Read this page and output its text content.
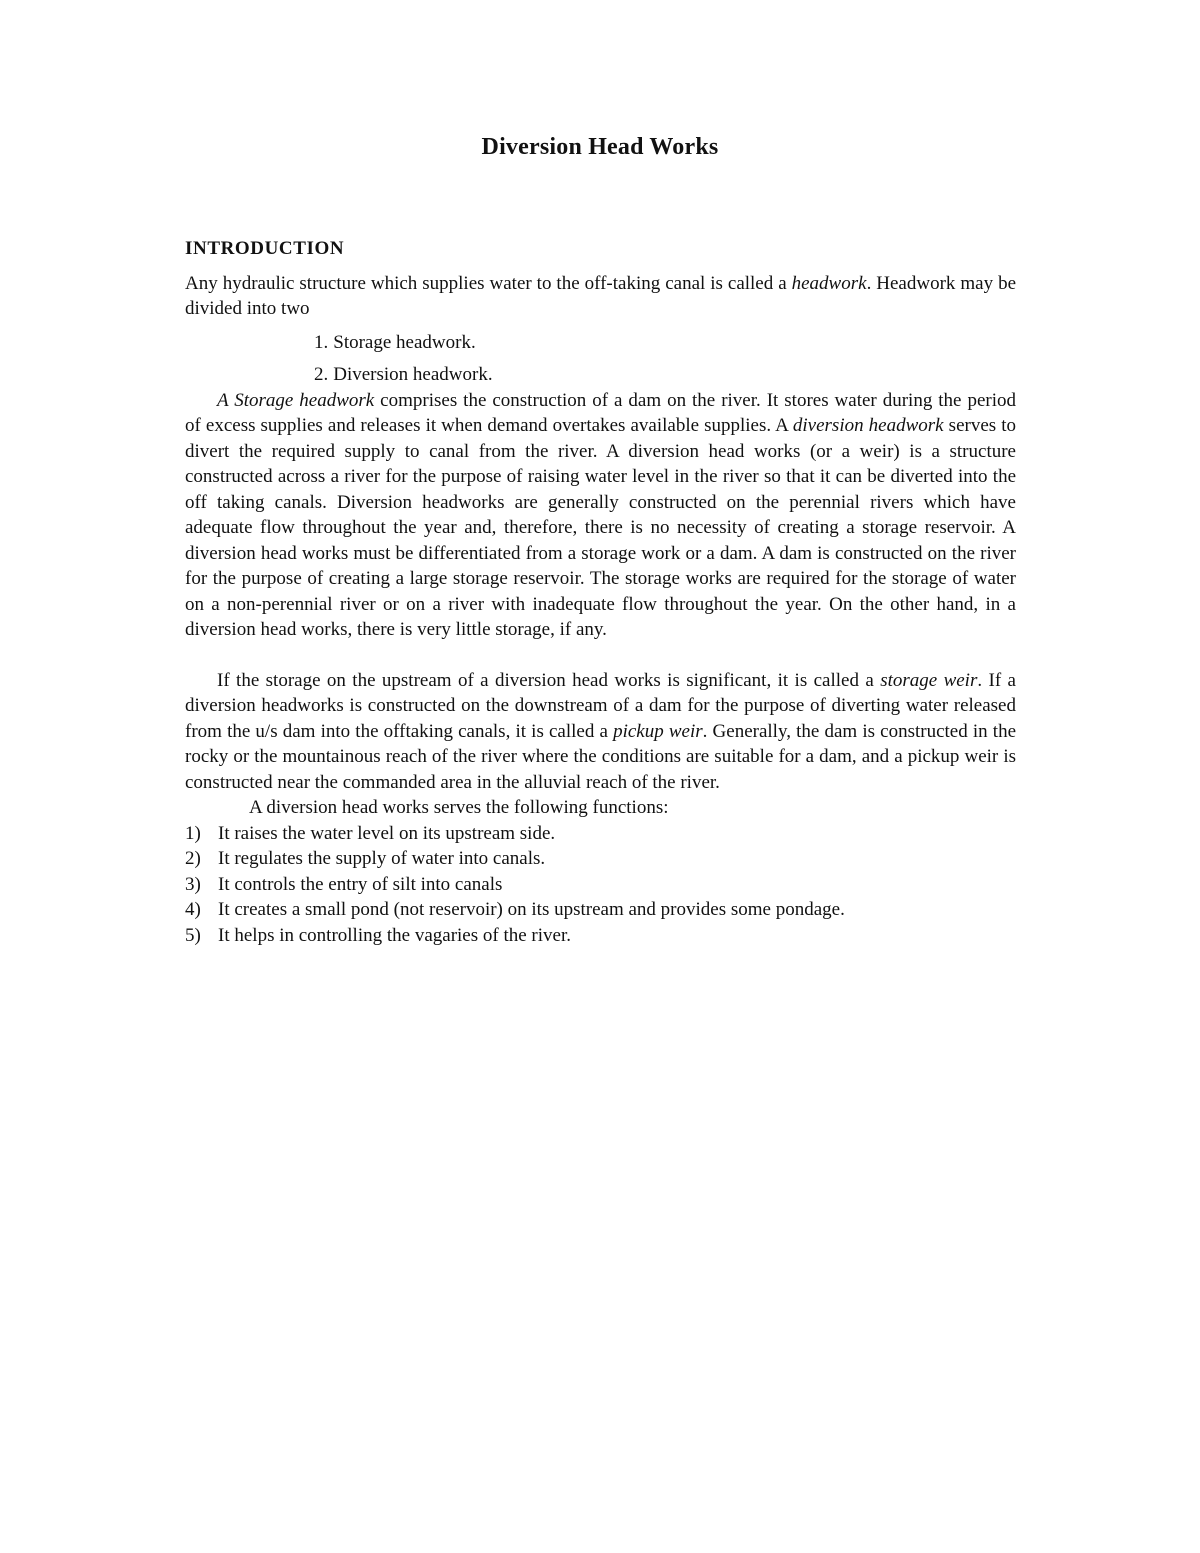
Diversion Head Works
INTRODUCTION

Any hydraulic structure which supplies water to the off-taking canal is called a headwork. Headwork may be divided into two

1. Storage headwork.
2. Diversion headwork.

A Storage headwork comprises the construction of a dam on the river. It stores water during the period of excess supplies and releases it when demand overtakes available supplies. A diversion headwork serves to divert the required supply to canal from the river. A diversion head works (or a weir) is a structure constructed across a river for the purpose of raising water level in the river so that it can be diverted into the off taking canals. Diversion headworks are generally constructed on the perennial rivers which have adequate flow throughout the year and, therefore, there is no necessity of creating a storage reservoir. A diversion head works must be differentiated from a storage work or a dam. A dam is constructed on the river for the purpose of creating a large storage reservoir. The storage works are required for the storage of water on a non-perennial river or on a river with inadequate flow throughout the year. On the other hand, in a diversion head works, there is very little storage, if any.

If the storage on the upstream of a diversion head works is significant, it is called a storage weir. If a diversion headworks is constructed on the downstream of a dam for the purpose of diverting water released from the u/s dam into the offtaking canals, it is called a pickup weir. Generally, the dam is constructed in the rocky or the mountainous reach of the river where the conditions are suitable for a dam, and a pickup weir is constructed near the commanded area in the alluvial reach of the river.

A diversion head works serves the following functions:

1) It raises the water level on its upstream side.
2) It regulates the supply of water into canals.
3) It controls the entry of silt into canals
4) It creates a small pond (not reservoir) on its upstream and provides some pondage.
5) It helps in controlling the vagaries of the river.
